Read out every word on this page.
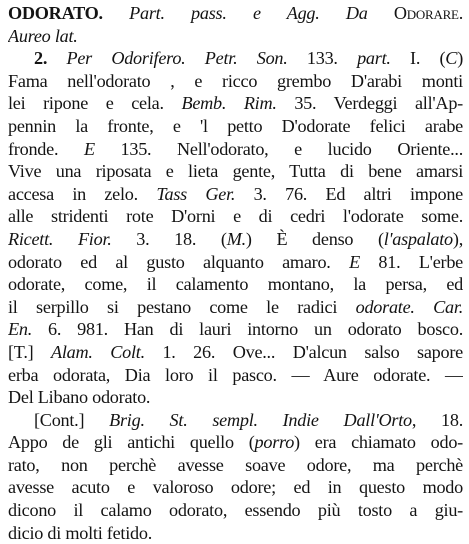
ODORATO. Part. pass. e Agg. Da Odorare.
Aureo lat.
2. Per Odorifero. Petr. Son. 133. part. I. (C)
Fama nell'odorato , e ricco grembo D'arabi monti
lei ripone e cela. Bemb. Rim. 35. Verdeggi all'Ap-
pennin la fronte, e 'l petto D'odorate felici arabe
fronde. E 135. Nell'odorato, e lucido Oriente...
Vive una riposata e lieta gente, Tutta di bene amarsi
accesa in zelo. Tass Ger. 3. 76. Ed altri impone
alle stridenti rote D'orni e di cedri l'odorate some.
Ricett. Fior. 3. 18. (M.) È denso (l'aspalato),
odorato ed al gusto alquanto amaro. E 81. L'erbe
odorate, come, il calamento montano, la persa, ed
il serpillo si pestano come le radici odorate. Car.
En. 6. 981. Han di lauri intorno un odorato bosco.
[T.] Alam. Colt. 1. 26. Ove... D'alcun salso sapore
erba odorata, Dia loro il pasco. — Aure odorate. —
Del Libano odorato.
[Cont.] Brig. St. sempl. Indie Dall'Orto, 18.
Appo de gli antichi quello (porro) era chiamato odo-
rato, non perchè avesse soave odore, ma perchè
avesse acuto e valoroso odore; ed in questo modo
dicono il calamo odorato, essendo più tosto a giu-
dicio di molti fetido.
